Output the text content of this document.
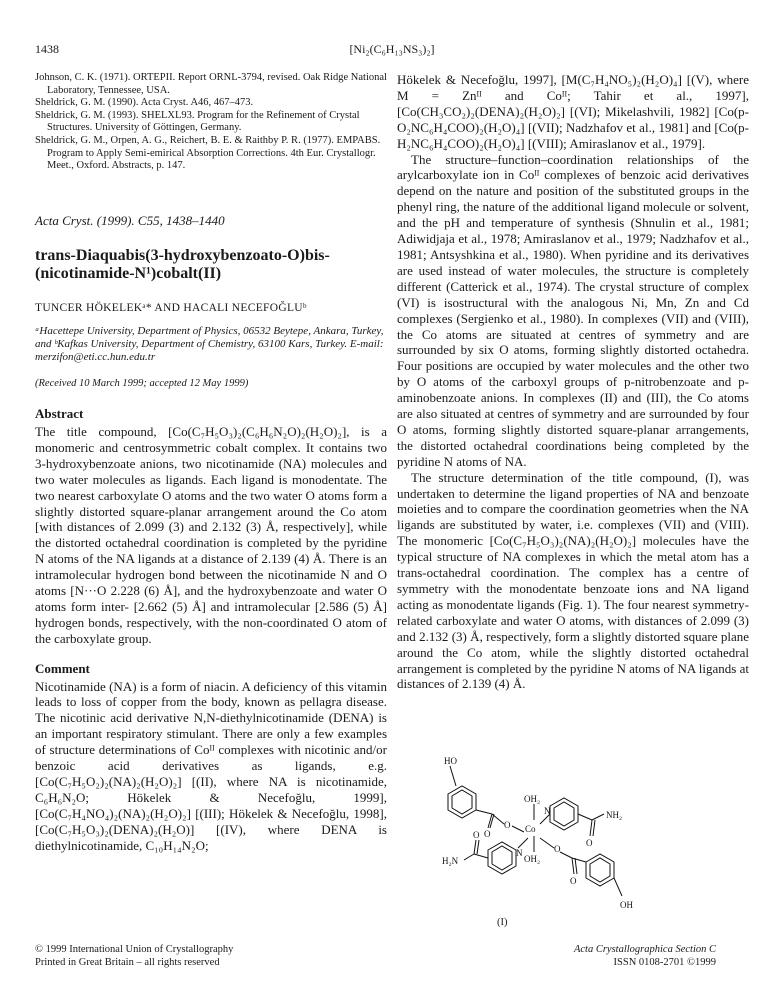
1438	[Ni₂(C₆H₁₃NS₃)₂]
Johnson, C. K. (1971). ORTEPII. Report ORNL-3794, revised. Oak Ridge National Laboratory, Tennessee, USA.
Sheldrick, G. M. (1990). Acta Cryst. A46, 467–473.
Sheldrick, G. M. (1993). SHELXL93. Program for the Refinement of Crystal Structures. University of Göttingen, Germany.
Sheldrick, G. M., Orpen, A. G., Reichert, B. E. & Raithby P. R. (1977). EMPABS. Program to Apply Semi-emirical Absorption Corrections. 4th Eur. Crystallogr. Meet., Oxford. Abstracts, p. 147.
Acta Cryst. (1999). C55, 1438–1440
trans-Diaquabis(3-hydroxybenzoato-O)bis-(nicotinamide-N¹)cobalt(II)
TUNCER HÖKELEKᵃ* AND HACALI NECEFOĞLUᵇ
ᵃHacettepe University, Department of Physics, 06532 Beytepe, Ankara, Turkey, and ᵇKafkas University, Department of Chemistry, 63100 Kars, Turkey. E-mail: merzifon@eti.cc.hun.edu.tr
(Received 10 March 1999; accepted 12 May 1999)
Abstract

The title compound, [Co(C₇H₅O₃)₂(C₆H₆N₂O)₂(H₂O)₂], is a monomeric and centrosymmetric cobalt complex. It contains two 3-hydroxybenzoate anions, two nicotinamide (NA) molecules and two water molecules as ligands. Each ligand is monodentate. The two nearest carboxylate O atoms and the two water O atoms form a slightly distorted square-planar arrangement around the Co atom [with distances of 2.099 (3) and 2.132 (3) Å, respectively], while the distorted octahedral coordination is completed by the pyridine N atoms of the NA ligands at a distance of 2.139 (4) Å. There is an intramolecular hydrogen bond between the nicotinamide N and O atoms [N···O 2.228 (6) Å], and the hydroxybenzoate and water O atoms form inter- [2.662 (5) Å] and intramolecular [2.586 (5) Å] hydrogen bonds, respectively, with the non-coordinated O atom of the carboxylate group.

Comment

Nicotinamide (NA) is a form of niacin. A deficiency of this vitamin leads to loss of copper from the body, known as pellagra disease. The nicotinic acid derivative N,N-diethylnicotinamide (DENA) is an important respiratory stimulant. There are only a few examples of structure determinations of Coᴵᴵ complexes with nicotinic and/or benzoic acid derivatives as ligands, e.g. [Co(C₇H₅O₂)₂(NA)₂(H₂O)₂] [(II), where NA is nicotinamide, C₆H₆N₂O; Hökelek & Necefoğlu, 1999], [Co(C₇H₄NO₄)₂(NA)₂(H₂O)₂] [(III); Hökelek & Necefoğlu, 1998], [Co(C₇H₅O₃)₂(DENA)₂(H₂O)] [(IV), where DENA is diethylnicotinamide, C₁₀H₁₄N₂O;

Hökelek & Necefoğlu, 1997], [M(C₇H₄NO₅)₂(H₂O)₄] [(V), where M = Znᴵᴵ and Coᴵᴵ; Tahir et al., 1997], [Co(CH₃CO₂)₂(DENA)₂(H₂O)₂] [(VI); Mikelashvili, 1982] [Co(p-O₂NC₆H₄COO)₂(H₂O)₄] [(VII); Nadzhafov et al., 1981] and [Co(p-H₂NC₆H₄COO)₂(H₂O)₄] [(VIII); Amiraslanov et al., 1979].

The structure–function–coordination relationships of the arylcarboxylate ion in Coᴵᴵ complexes of benzoic acid derivatives depend on the nature and position of the substituted groups in the phenyl ring, the nature of the additional ligand molecule or solvent, and the pH and temperature of synthesis (Shnulin et al., 1981; Adiwidjaja et al., 1978; Amiraslanov et al., 1979; Nadzhafov et al., 1981; Antsyshkina et al., 1980). When pyridine and its derivatives are used instead of water molecules, the structure is completely different (Catterick et al., 1974). The crystal structure of complex (VI) is isostructural with the analogous Ni, Mn, Zn and Cd complexes (Sergienko et al., 1980). In complexes (VII) and (VIII), the Co atoms are situated at centres of symmetry and are surrounded by six O atoms, forming slightly distorted octahedra. Four positions are occupied by water molecules and the other two by O atoms of the carboxyl groups of p-nitrobenzoate and p-aminobenzoate anions. In complexes (II) and (III), the Co atoms are also situated at centres of symmetry and are surrounded by four O atoms, forming slightly distorted square-planar arrangements, the distorted octahedral coordinations being completed by the pyridine N atoms of NA.

The structure determination of the title compound, (I), was undertaken to determine the ligand properties of NA and benzoate moieties and to compare the coordination geometries when the NA ligands are substituted by water, i.e. complexes (VII) and (VIII). The monomeric [Co(C₇H₅O₃)₂(NA)₂(H₂O)₂] molecules have the typical structure of NA complexes in which the metal atom has a trans-octahedral coordination. The complex has a centre of symmetry with the monodentate benzoate ions and NA ligand acting as monodentate ligands (Fig. 1). The four nearest symmetry-related carboxylate and water O atoms, with distances of 2.099 (3) and 2.132 (3) Å, respectively, form a slightly distorted square plane around the Co atom, while the slightly distorted octahedral arrangement is completed by the pyridine N atoms of NA ligands at distances of 2.139 (4) Å.

HO
O
O
OH₂
Co
OH₂
N
O
NH₂
N
O
H₂N
O
O
OH
(I)
© 1999 International Union of Crystallography
Printed in Great Britain – all rights reserved
Acta Crystallographica Section C
ISSN 0108-2701 ©1999
